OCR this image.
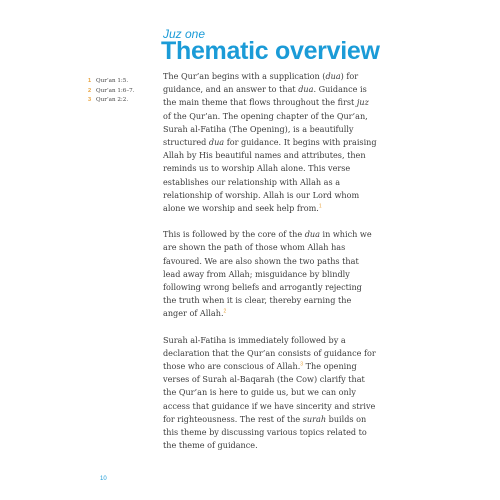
Juz one

Thematic overview
1 Qur’an 1:5.
2 Qur’an 1:6–7.
3 Qur’an 2:2.

The Qur’an begins with a supplication (dua) for guidance, and an answer to that dua. Guidance is the main theme that flows throughout the first juz of the Qur’an. The opening chapter of the Qur’an, Surah al-Fatiha (The Opening), is a beautifully structured dua for guidance. It begins with praising Allah by His beautiful names and attributes, then reminds us to worship Allah alone. This verse establishes our relationship with Allah as a relationship of worship. Allah is our Lord whom alone we worship and seek help from.$^1$

This is followed by the core of the dua in which we are shown the path of those whom Allah has favoured. We are also shown the two paths that lead away from Allah; misguidance by blindly following wrong beliefs and arrogantly rejecting the truth when it is clear, thereby earning the anger of Allah.$^2$

Surah al-Fatiha is immediately followed by a declaration that the Qur’an consists of guidance for those who are conscious of Allah.$^3$ The opening verses of Surah al-Baqarah (the Cow) clarify that the Qur’an is here to guide us, but we can only access that guidance if we have sincerity and strive for righteousness. The rest of the surah builds on this theme by discussing various topics related to the theme of guidance.

10
